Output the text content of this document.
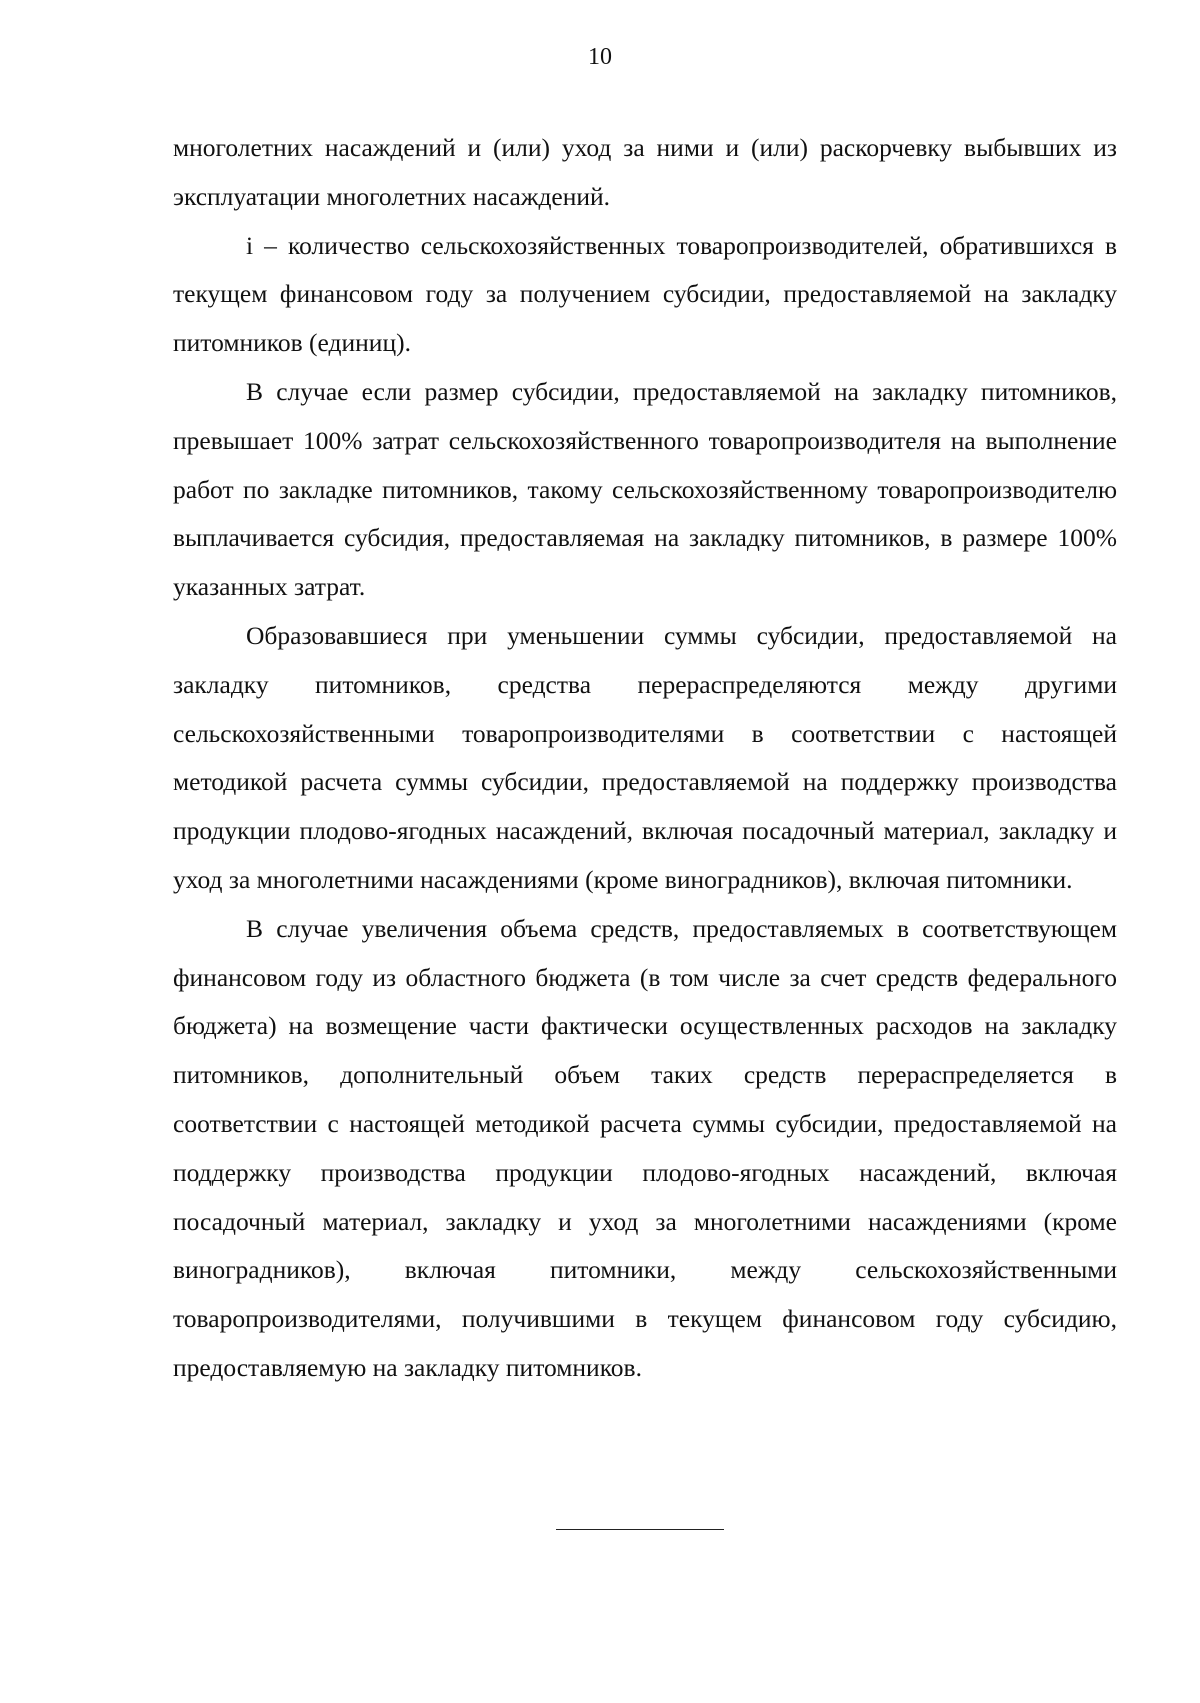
10

многолетних насаждений и (или) уход за ними и (или) раскорчевку выбывших из эксплуатации многолетних насаждений.

i – количество сельскохозяйственных товаропроизводителей, обратившихся в текущем финансовом году за получением субсидии, предоставляемой на закладку питомников (единиц).

В случае если размер субсидии, предоставляемой на закладку питомников, превышает 100% затрат сельскохозяйственного товаропроизводителя на выполнение работ по закладке питомников, такому сельскохозяйственному товаропроизводителю выплачивается субсидия, предоставляемая на закладку питомников, в размере 100% указанных затрат.

Образовавшиеся при уменьшении суммы субсидии, предоставляемой на закладку питомников, средства перераспределяются между другими сельскохозяйственными товаропроизводителями в соответствии с настоящей методикой расчета суммы субсидии, предоставляемой на поддержку производства продукции плодово-ягодных насаждений, включая посадочный материал, закладку и уход за многолетними насаждениями (кроме виноградников), включая питомники.

В случае увеличения объема средств, предоставляемых в соответствующем финансовом году из областного бюджета (в том числе за счет средств федерального бюджета) на возмещение части фактически осуществленных расходов на закладку питомников, дополнительный объем таких средств перераспределяется в соответствии с настоящей методикой расчета суммы субсидии, предоставляемой на поддержку производства продукции плодово-ягодных насаждений, включая посадочный материал, закладку и уход за многолетними насаждениями (кроме виноградников), включая питомники, между сельскохозяйственными товаропроизводителями, получившими в текущем финансовом году субсидию, предоставляемую на закладку питомников.
